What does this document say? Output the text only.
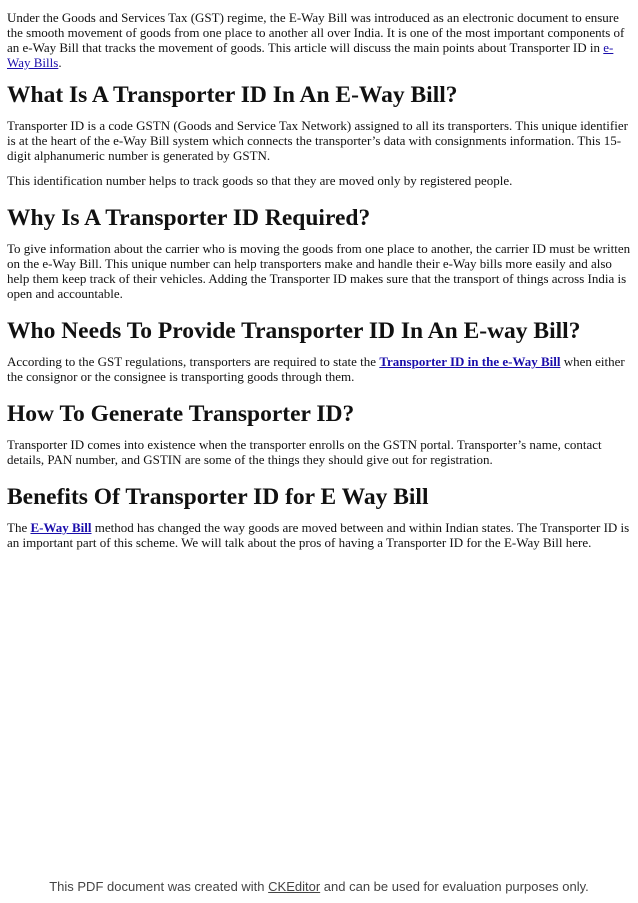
Under the Goods and Services Tax (GST) regime, the E-Way Bill was introduced as an electronic document to ensure the smooth movement of goods from one place to another all over India. It is one of the most important components of an e-Way Bill that tracks the movement of goods. This article will discuss the main points about Transporter ID in e-Way Bills.

What Is A Transporter ID In An E-Way Bill?

Transporter ID is a code GSTN (Goods and Service Tax Network) assigned to all its transporters. This unique identifier is at the heart of the e-Way Bill system which connects the transporter’s data with consignments information. This 15-digit alphanumeric number is generated by GSTN.

This identification number helps to track goods so that they are moved only by registered people.

Why Is A Transporter ID Required?

To give information about the carrier who is moving the goods from one place to another, the carrier ID must be written on the e-Way Bill. This unique number can help transporters make and handle their e-Way bills more easily and also help them keep track of their vehicles. Adding the Transporter ID makes sure that the transport of things across India is open and accountable.

Who Needs To Provide Transporter ID In An E-way Bill?

According to the GST regulations, transporters are required to state the Transporter ID in the e-Way Bill when either the consignor or the consignee is transporting goods through them.

How To Generate Transporter ID?

Transporter ID comes into existence when the transporter enrolls on the GSTN portal. Transporter’s name, contact details, PAN number, and GSTIN are some of the things they should give out for registration.

Benefits Of Transporter ID for E Way Bill

The E-Way Bill method has changed the way goods are moved between and within Indian states. The Transporter ID is an important part of this scheme. We will talk about the pros of having a Transporter ID for the E-Way Bill here.

This PDF document was created with CKEditor and can be used for evaluation purposes only.
